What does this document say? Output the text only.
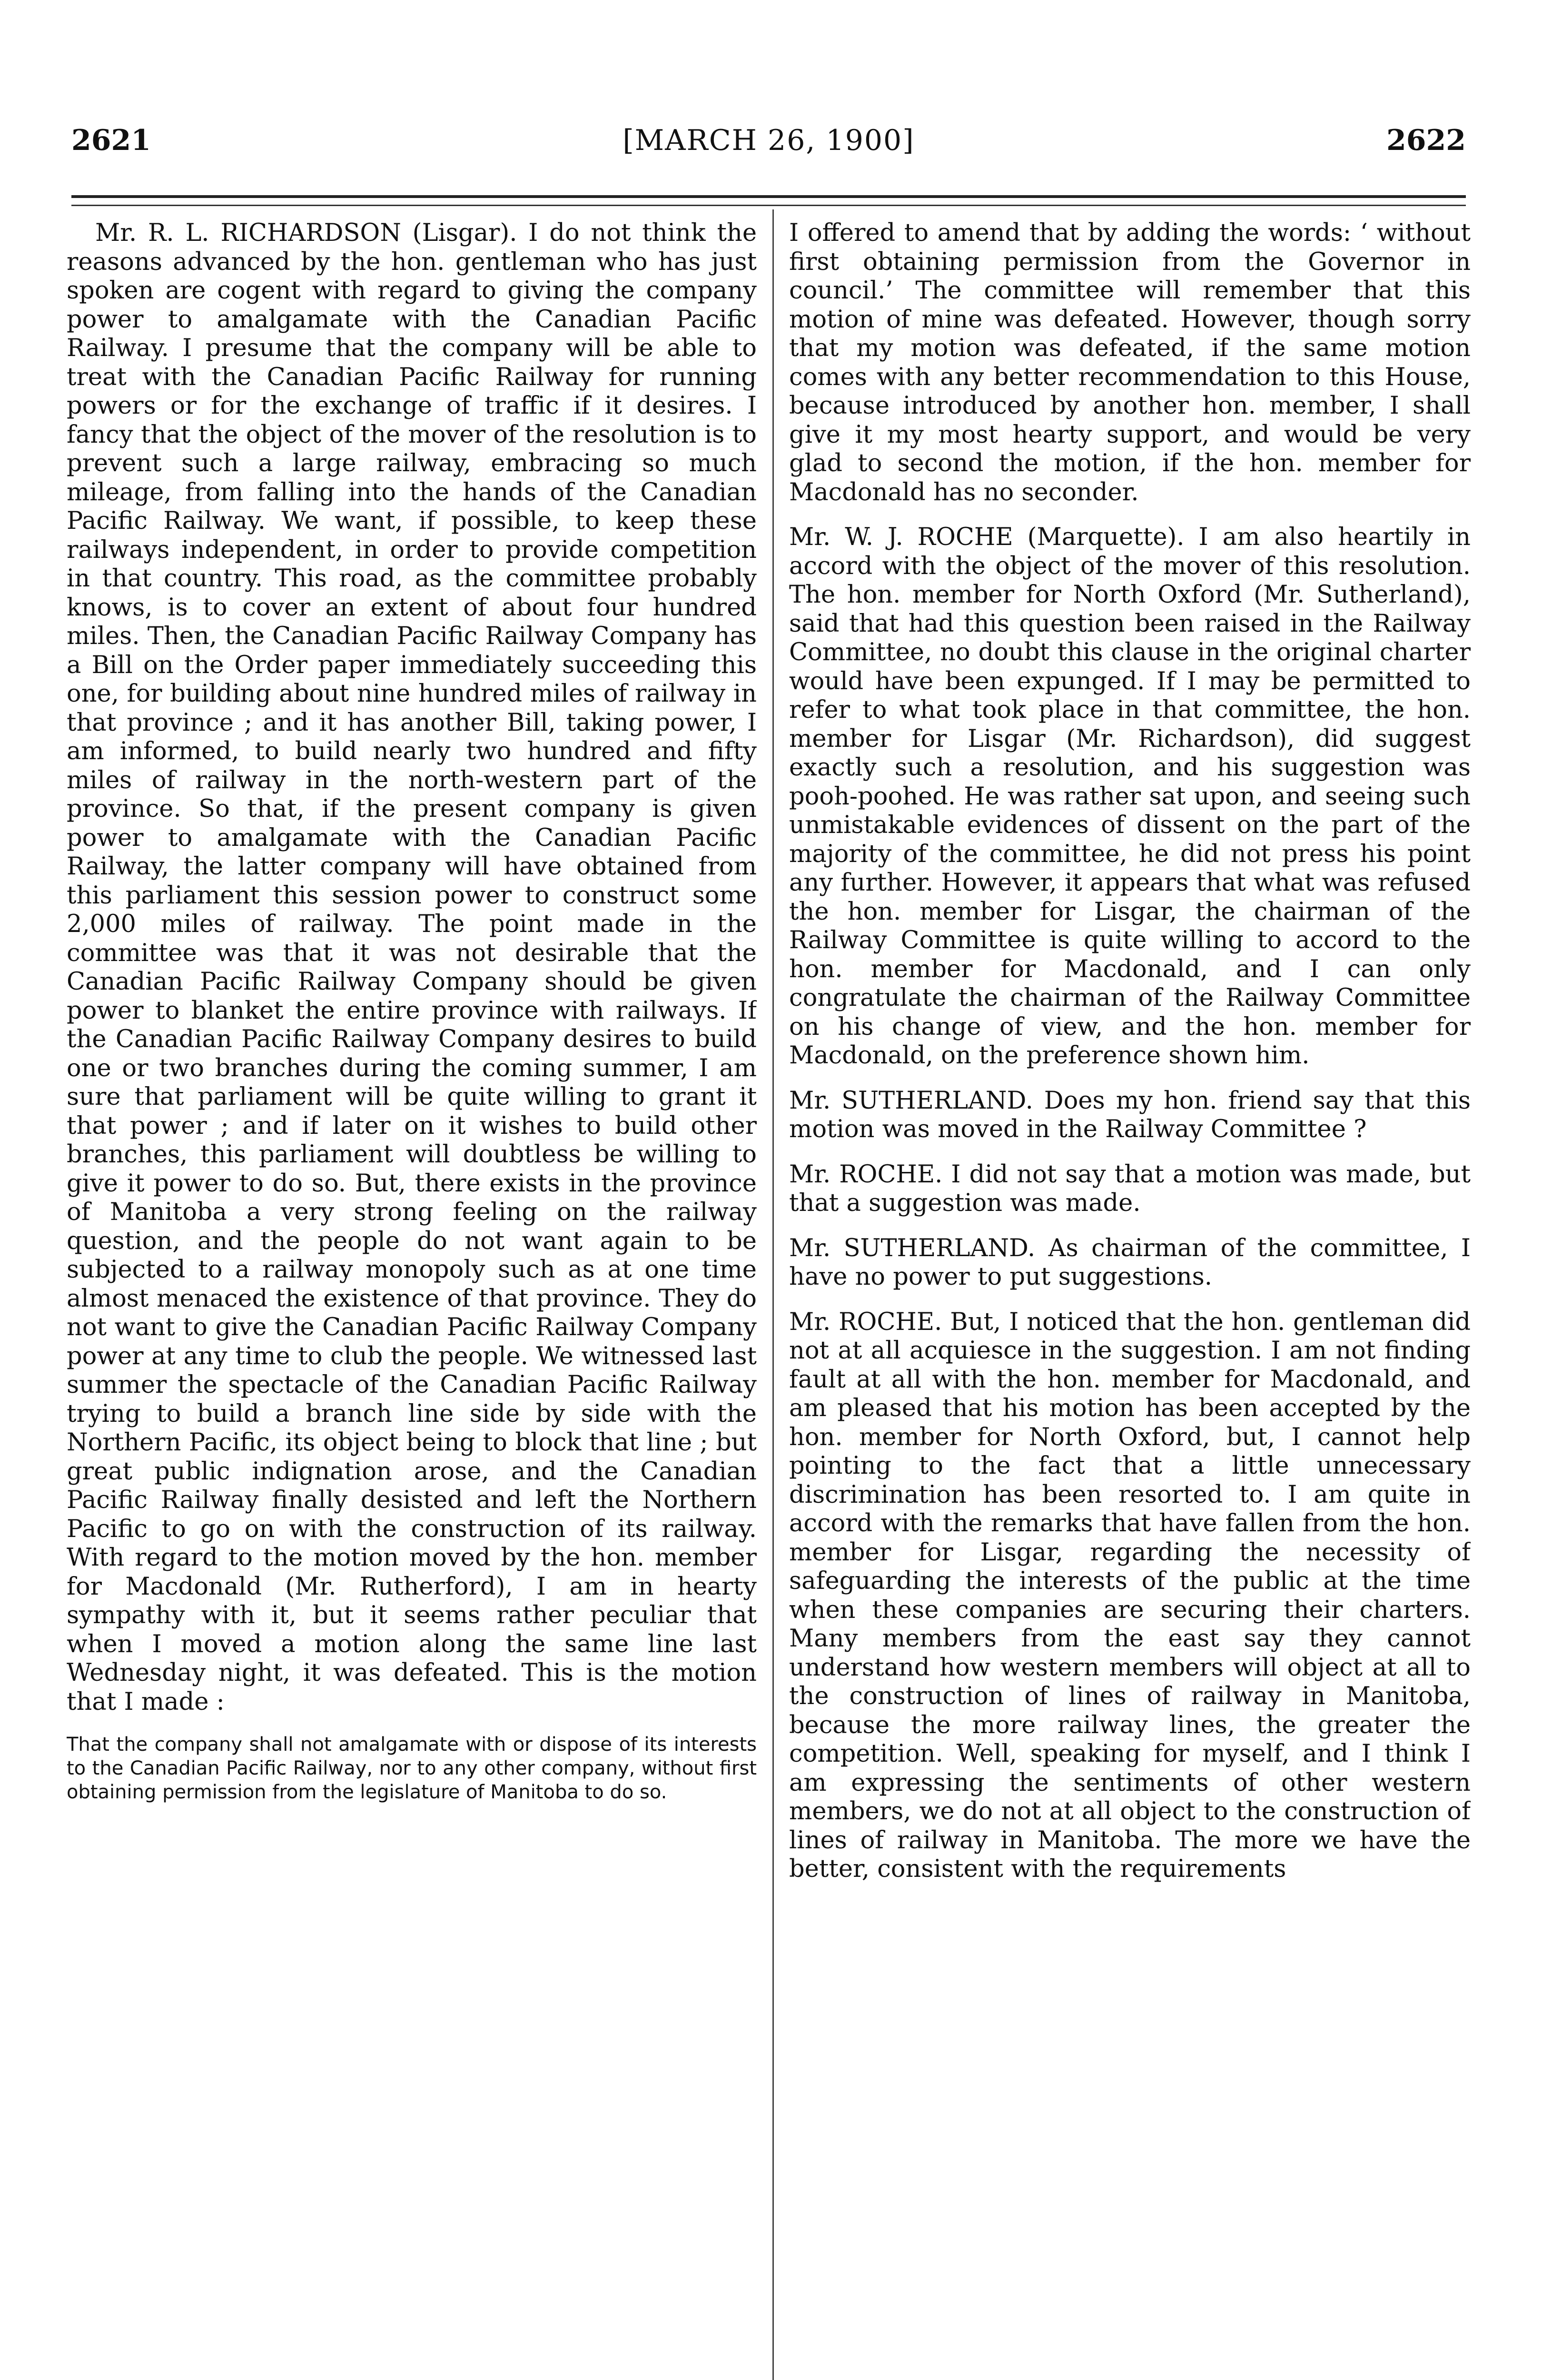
2621	[MARCH 26, 1900]	2622

Mr. R. L. RICHARDSON (Lisgar). I do not think the reasons advanced by the hon. gentleman who has just spoken are cogent with regard to giving the company power to amalgamate with the Canadian Pacific Railway. I presume that the company will be able to treat with the Canadian Pacific Railway for running powers or for the exchange of traffic if it desires. I fancy that the object of the mover of the resolution is to prevent such a large railway, embracing so much mileage, from falling into the hands of the Canadian Pacific Railway. We want, if possible, to keep these railways independent, in order to provide competition in that country. This road, as the committee probably knows, is to cover an extent of about four hundred miles. Then, the Canadian Pacific Railway Company has a Bill on the Order paper immediately succeeding this one, for building about nine hundred miles of railway in that province ; and it has another Bill, taking power, I am informed, to build nearly two hundred and fifty miles of railway in the north-western part of the province. So that, if the present company is given power to amalgamate with the Canadian Pacific Railway, the latter company will have obtained from this parliament this session power to construct some 2,000 miles of railway. The point made in the committee was that it was not desirable that the Canadian Pacific Railway Company should be given power to blanket the entire province with railways. If the Canadian Pacific Railway Company desires to build one or two branches during the coming summer, I am sure that parliament will be quite willing to grant it that power ; and if later on it wishes to build other branches, this parliament will doubtless be willing to give it power to do so. But, there exists in the province of Manitoba a very strong feeling on the railway question, and the people do not want again to be subjected to a railway monopoly such as at one time almost menaced the existence of that province. They do not want to give the Canadian Pacific Railway Company power at any time to club the people. We witnessed last summer the spectacle of the Canadian Pacific Railway trying to build a branch line side by side with the Northern Pacific, its object being to block that line ; but great public indignation arose, and the Canadian Pacific Railway finally desisted and left the Northern Pacific to go on with the construction of its railway. With regard to the motion moved by the hon. member for Macdonald (Mr. Rutherford), I am in hearty sympathy with it, but it seems rather peculiar that when I moved a motion along the same line last Wednesday night, it was defeated. This is the motion that I made :

That the company shall not amalgamate with or dispose of its interests to the Canadian Pacific Railway, nor to any other company, without first obtaining permission from the legislature of Manitoba to do so.

I offered to amend that by adding the words: ‘ without first obtaining permission from the Governor in council.’ The committee will remember that this motion of mine was defeated. However, though sorry that my motion was defeated, if the same motion comes with any better recommendation to this House, because introduced by another hon. member, I shall give it my most hearty support, and would be very glad to second the motion, if the hon. member for Macdonald has no seconder.

Mr. W. J. ROCHE (Marquette). I am also heartily in accord with the object of the mover of this resolution. The hon. member for North Oxford (Mr. Sutherland), said that had this question been raised in the Railway Committee, no doubt this clause in the original charter would have been expunged. If I may be permitted to refer to what took place in that committee, the hon. member for Lisgar (Mr. Richardson), did suggest exactly such a resolution, and his suggestion was pooh-poohed. He was rather sat upon, and seeing such unmistakable evidences of dissent on the part of the majority of the committee, he did not press his point any further. However, it appears that what was refused the hon. member for Lisgar, the chairman of the Railway Committee is quite willing to accord to the hon. member for Macdonald, and I can only congratulate the chairman of the Railway Committee on his change of view, and the hon. member for Macdonald, on the preference shown him.

Mr. SUTHERLAND. Does my hon. friend say that this motion was moved in the Railway Committee ?

Mr. ROCHE. I did not say that a motion was made, but that a suggestion was made.

Mr. SUTHERLAND. As chairman of the committee, I have no power to put suggestions.

Mr. ROCHE. But, I noticed that the hon. gentleman did not at all acquiesce in the suggestion. I am not finding fault at all with the hon. member for Macdonald, and am pleased that his motion has been accepted by the hon. member for North Oxford, but, I cannot help pointing to the fact that a little unnecessary discrimination has been resorted to. I am quite in accord with the remarks that have fallen from the hon. member for Lisgar, regarding the necessity of safeguarding the interests of the public at the time when these companies are securing their charters. Many members from the east say they cannot understand how western members will object at all to the construction of lines of railway in Manitoba, because the more railway lines, the greater the competition. Well, speaking for myself, and I think I am expressing the sentiments of other western members, we do not at all object to the construction of lines of railway in Manitoba. The more we have the better, consistent with the requirements
